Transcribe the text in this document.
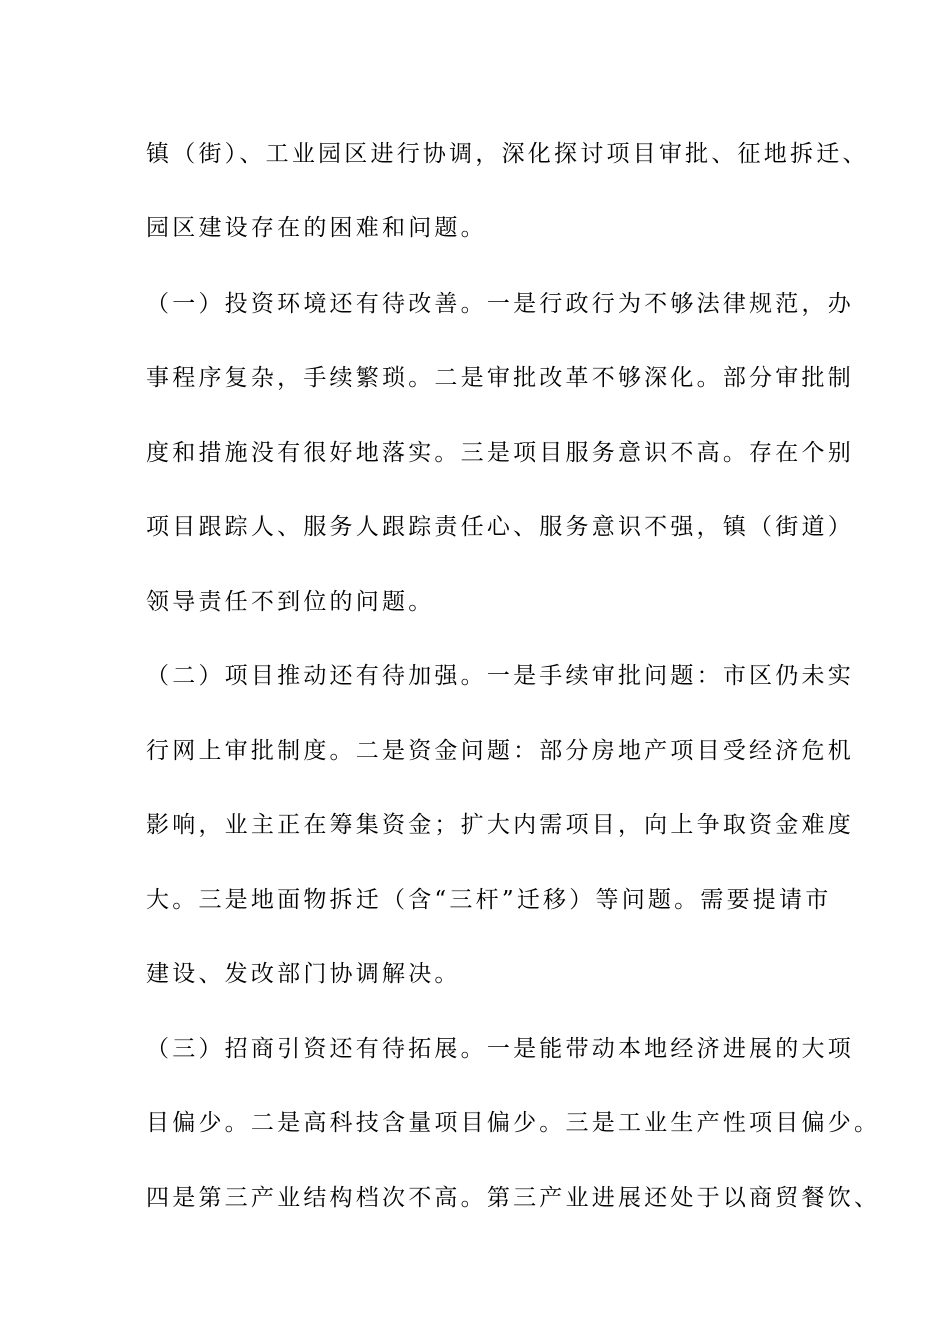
镇（街）、工业园区进行协调，深化探讨项目审批、征地拆迁、
园区建设存在的困难和问题。
（一）投资环境还有待改善。一是行政行为不够法律规范，办
事程序复杂，手续繁琐。二是审批改革不够深化。部分审批制
度和措施没有很好地落实。三是项目服务意识不高。存在个别
项目跟踪人、服务人跟踪责任心、服务意识不强，镇（街道）
领导责任不到位的问题。
（二）项目推动还有待加强。一是手续审批问题：市区仍未实
行网上审批制度。二是资金问题：部分房地产项目受经济危机
影响，业主正在筹集资金；扩大内需项目，向上争取资金难度
大。三是地面物拆迁（含“三杆”迁移）等问题。需要提请市
建设、发改部门协调解决。
（三）招商引资还有待拓展。一是能带动本地经济进展的大项
目偏少。二是高科技含量项目偏少。三是工业生产性项目偏少。
四是第三产业结构档次不高。第三产业进展还处于以商贸餐饮、
